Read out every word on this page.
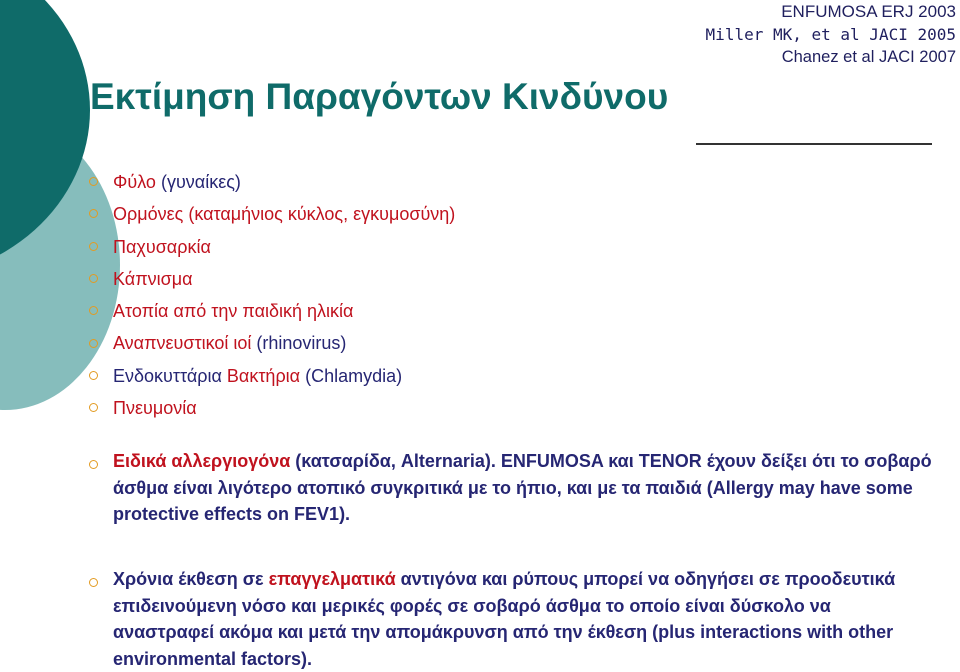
ENFUMOSA ERJ 2003
Miller MK, et al JACI 2005
Chanez et al JACI 2007
Εκτίμηση Παραγόντων Κινδύνου
Φύλο (γυναίκες)
Ορμόνες (καταμήνιος κύκλος, εγκυμοσύνη)
Παχυσαρκία
Κάπνισμα
Ατοπία από την παιδική ηλικία
Αναπνευστικοί ιοί (rhinovirus)
Ενδοκυττάρια Βακτήρια (Chlamydia)
Πνευμονία

Ειδικά αλλεργιογόνα (κατσαρίδα, Alternaria). ENFUMOSA και TENOR έχουν δείξει ότι το σοβαρό άσθμα είναι λιγότερο ατοπικό συγκριτικά με το ήπιο, και με τα παιδιά (Allergy may have some protective effects on FEV1).

Χρόνια έκθεση σε επαγγελματικά αντιγόνα και ρύπους μπορεί να οδηγήσει σε προοδευτικά επιδεινούμενη νόσο και μερικές φορές σε σοβαρό άσθμα το οποίο είναι δύσκολο να αναστραφεί ακόμα και μετά την απομάκρυνση από την έκθεση (plus interactions with other environmental factors).
